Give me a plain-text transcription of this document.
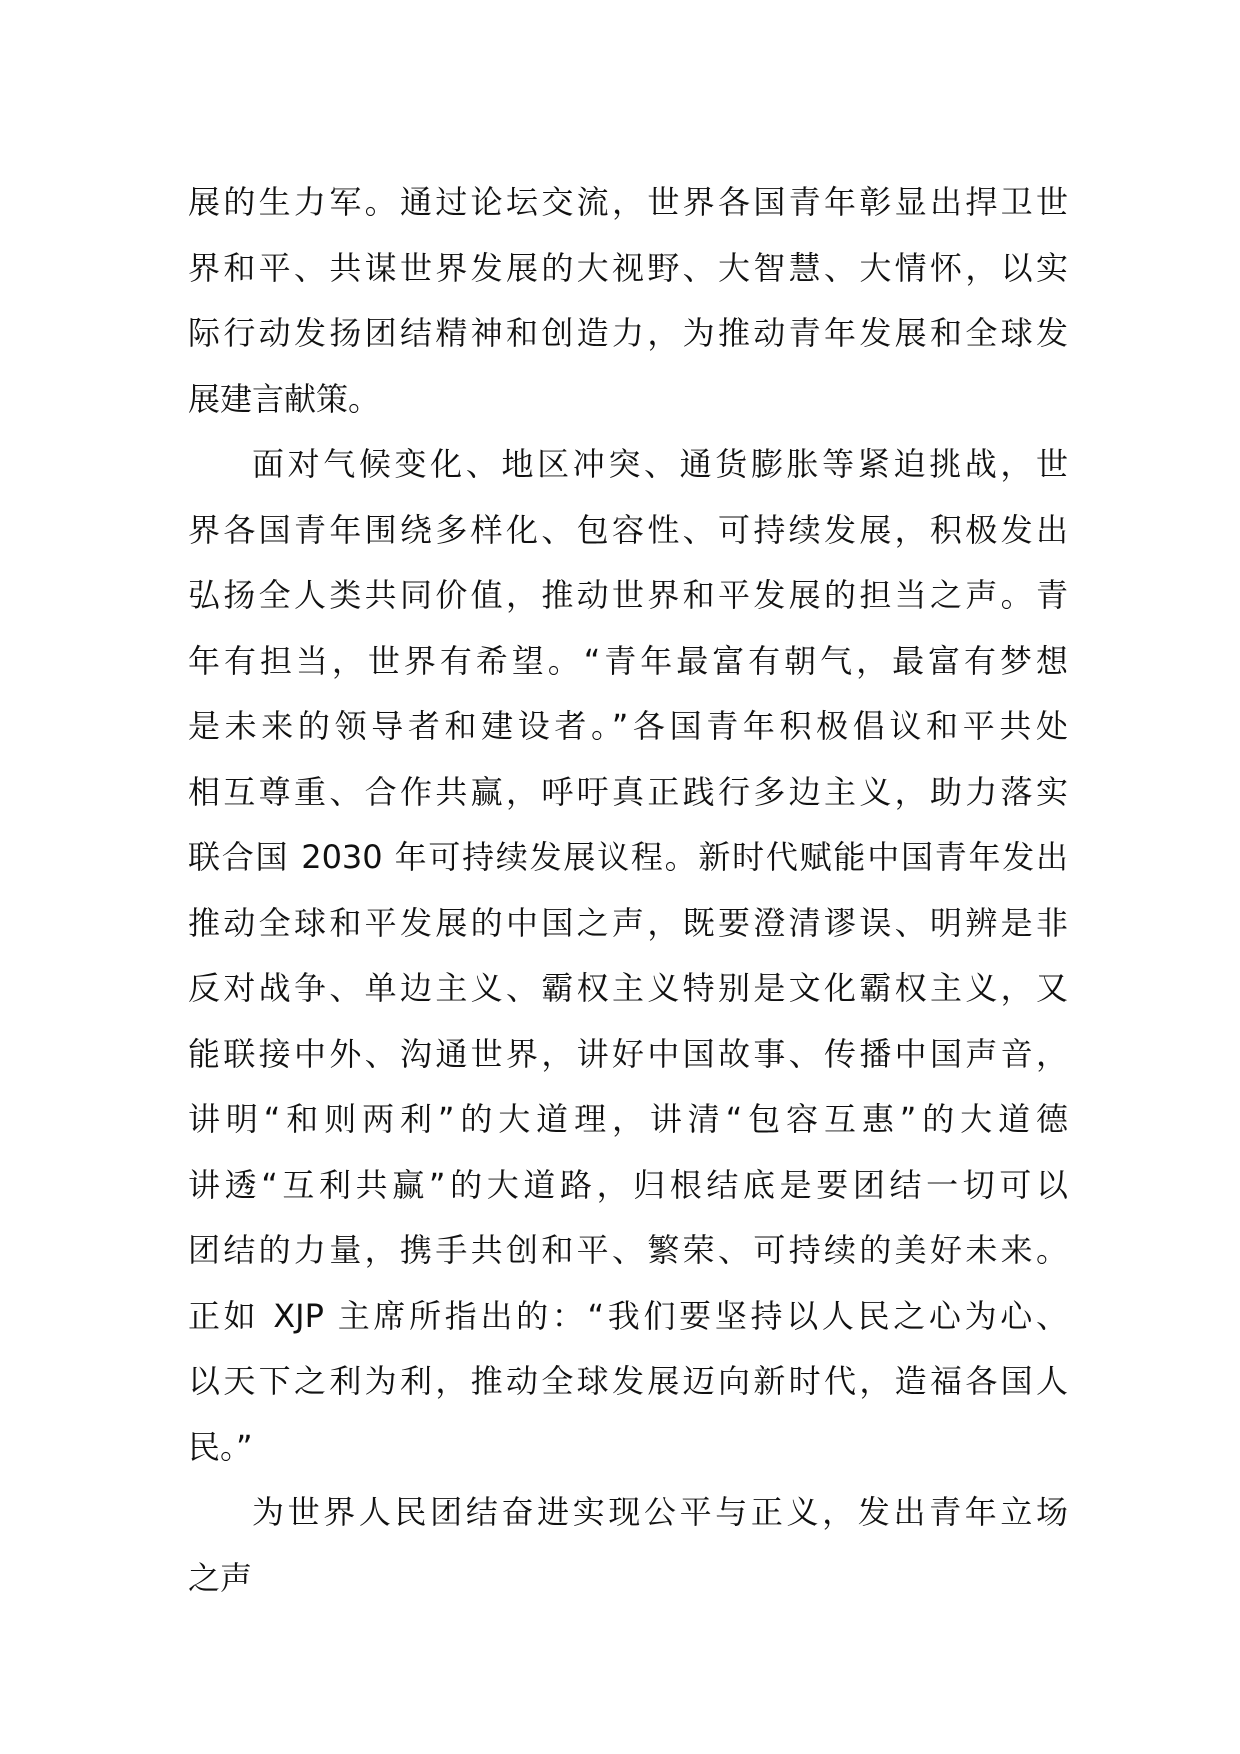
展的生力军。通过论坛交流，世界各国青年彰显出捍卫世
界和平、共谋世界发展的大视野、大智慧、大情怀，以实
际行动发扬团结精神和创造力，为推动青年发展和全球发
展建言献策。
面对气候变化、地区冲突、通货膨胀等紧迫挑战，世
界各国青年围绕多样化、包容性、可持续发展，积极发出
弘扬全人类共同价值，推动世界和平发展的担当之声。青
年有担当，世界有希望。“青年最富有朝气，最富有梦想
是未来的领导者和建设者。”各国青年积极倡议和平共处
相互尊重、合作共赢，呼吁真正践行多边主义，助力落实
联合国 2030 年可持续发展议程。新时代赋能中国青年发出
推动全球和平发展的中国之声，既要澄清谬误、明辨是非
反对战争、单边主义、霸权主义特别是文化霸权主义，又
能联接中外、沟通世界，讲好中国故事、传播中国声音，
讲明“和则两利”的大道理，讲清“包容互惠”的大道德
讲透“互利共赢”的大道路，归根结底是要团结一切可以
团结的力量，携手共创和平、繁荣、可持续的美好未来。
正如 XJP 主席所指出的：“我们要坚持以人民之心为心、
以天下之利为利，推动全球发展迈向新时代，造福各国人
民。”
为世界人民团结奋进实现公平与正义，发出青年立场
之声
